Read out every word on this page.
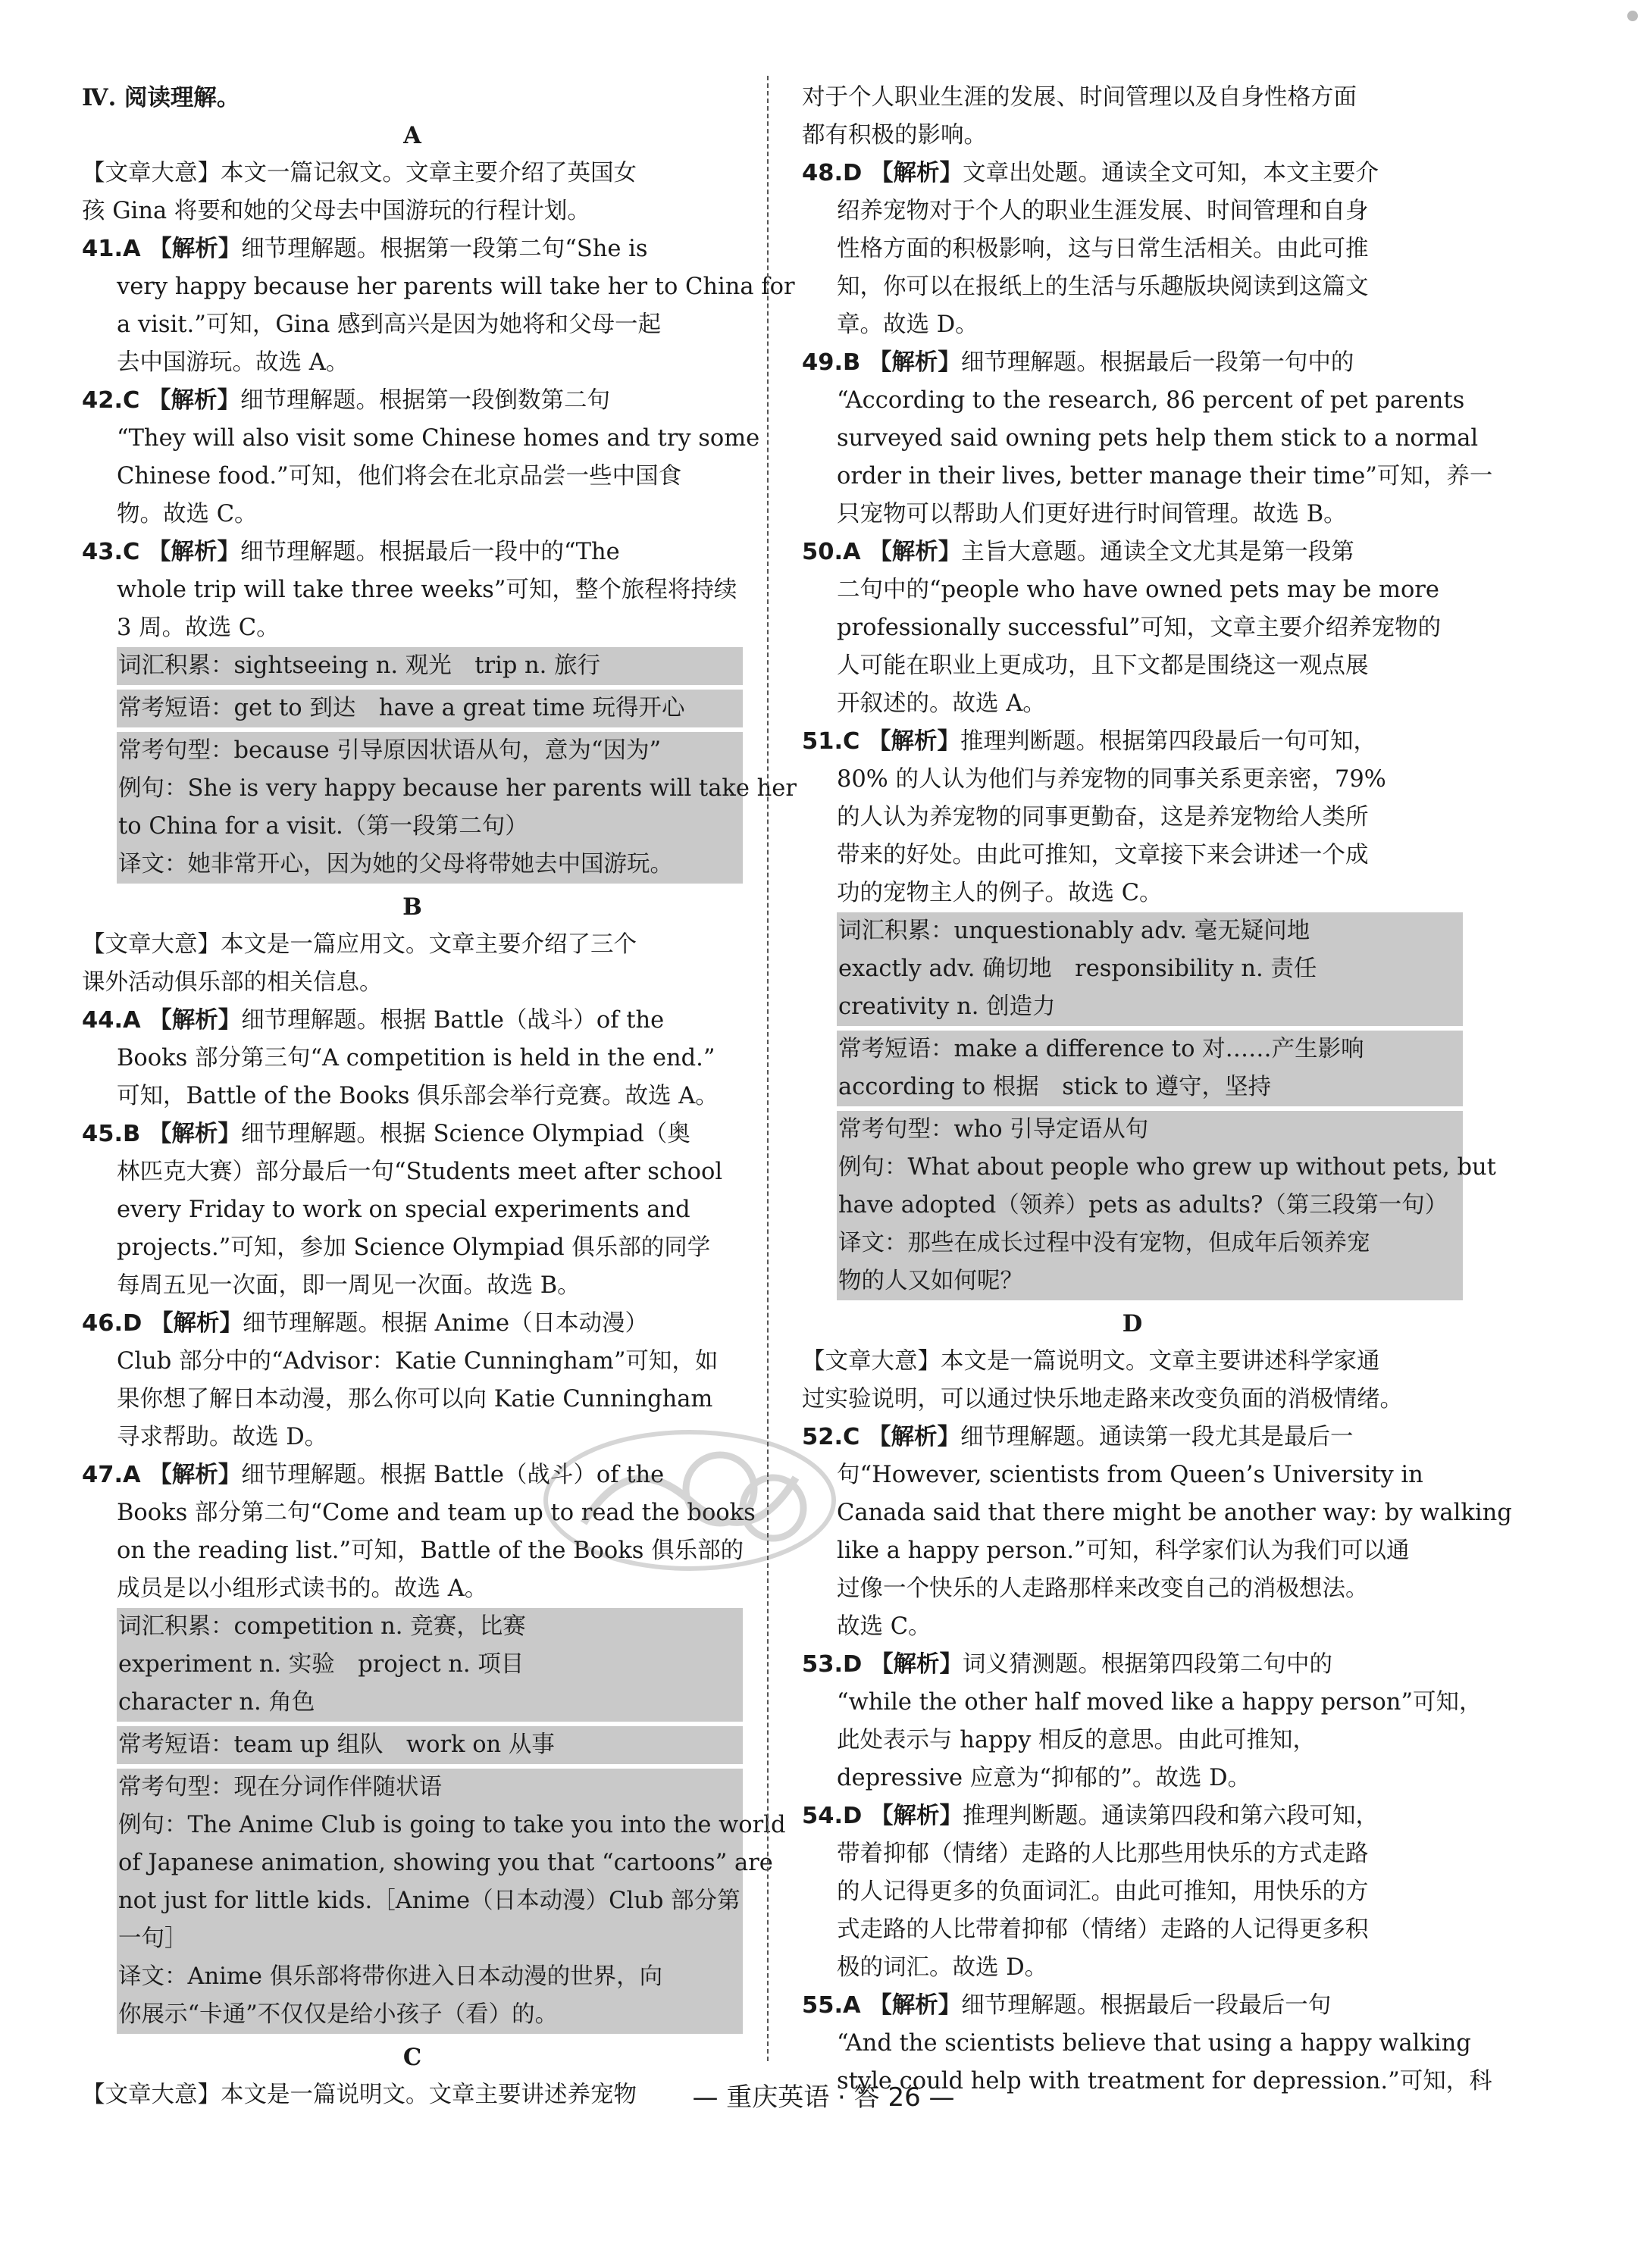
Ⅳ. 阅读理解。
A
【文章大意】本文一篇记叙文。文章主要介绍了英国女
孩 Gina 将要和她的父母去中国游玩的行程计划。
41.A 【解析】细节理解题。根据第一段第二句“She is
very happy because her parents will take her to China for
a visit.”可知，Gina 感到高兴是因为她将和父母一起
去中国游玩。故选 A。
42.C 【解析】细节理解题。根据第一段倒数第二句
“They will also visit some Chinese homes and try some
Chinese food.”可知，他们将会在北京品尝一些中国食
物。故选 C。
43.C 【解析】细节理解题。根据最后一段中的“The
whole trip will take three weeks”可知，整个旅程将持续
3 周。故选 C。
词汇积累：sightseeing n. 观光　trip n. 旅行
常考短语：get to 到达　have a great time 玩得开心
常考句型：because 引导原因状语从句，意为“因为”
例句：She is very happy because her parents will take her
to China for a visit.（第一段第二句）
译文：她非常开心，因为她的父母将带她去中国游玩。
B
【文章大意】本文是一篇应用文。文章主要介绍了三个
课外活动俱乐部的相关信息。
44.A 【解析】细节理解题。根据 Battle（战斗）of the
Books 部分第三句“A competition is held in the end.”
可知，Battle of the Books 俱乐部会举行竞赛。故选 A。
45.B 【解析】细节理解题。根据 Science Olympiad（奥
林匹克大赛）部分最后一句“Students meet after school
every Friday to work on special experiments and
projects.”可知，参加 Science Olympiad 俱乐部的同学
每周五见一次面，即一周见一次面。故选 B。
46.D 【解析】细节理解题。根据 Anime（日本动漫）
Club 部分中的“Advisor：Katie Cunningham”可知，如
果你想了解日本动漫，那么你可以向 Katie Cunningham
寻求帮助。故选 D。
47.A 【解析】细节理解题。根据 Battle（战斗）of the
Books 部分第二句“Come and team up to read the books
on the reading list.”可知，Battle of the Books 俱乐部的
成员是以小组形式读书的。故选 A。
词汇积累：competition n. 竞赛，比赛
experiment n. 实验　project n. 项目
character n. 角色
常考短语：team up 组队　work on 从事
常考句型：现在分词作伴随状语
例句：The Anime Club is going to take you into the world
of Japanese animation, showing you that “cartoons” are
not just for little kids.［Anime（日本动漫）Club 部分第
一句］
译文：Anime 俱乐部将带你进入日本动漫的世界，向
你展示“卡通”不仅仅是给小孩子（看）的。
C
【文章大意】本文是一篇说明文。文章主要讲述养宠物
对于个人职业生涯的发展、时间管理以及自身性格方面
都有积极的影响。
48.D 【解析】文章出处题。通读全文可知，本文主要介
绍养宠物对于个人的职业生涯发展、时间管理和自身
性格方面的积极影响，这与日常生活相关。由此可推
知，你可以在报纸上的生活与乐趣版块阅读到这篇文
章。故选 D。
49.B 【解析】细节理解题。根据最后一段第一句中的
“According to the research, 86 percent of pet parents
surveyed said owning pets help them stick to a normal
order in their lives, better manage their time”可知，养一
只宠物可以帮助人们更好进行时间管理。故选 B。
50.A 【解析】主旨大意题。通读全文尤其是第一段第
二句中的“people who have owned pets may be more
professionally successful”可知，文章主要介绍养宠物的
人可能在职业上更成功，且下文都是围绕这一观点展
开叙述的。故选 A。
51.C 【解析】推理判断题。根据第四段最后一句可知，
80% 的人认为他们与养宠物的同事关系更亲密，79%
的人认为养宠物的同事更勤奋，这是养宠物给人类所
带来的好处。由此可推知，文章接下来会讲述一个成
功的宠物主人的例子。故选 C。
词汇积累：unquestionably adv. 毫无疑问地
exactly adv. 确切地　responsibility n. 责任
creativity n. 创造力
常考短语：make a difference to 对……产生影响
according to 根据　stick to 遵守，坚持
常考句型：who 引导定语从句
例句：What about people who grew up without pets, but
have adopted（领养）pets as adults?（第三段第一句）
译文：那些在成长过程中没有宠物，但成年后领养宠
物的人又如何呢？
D
【文章大意】本文是一篇说明文。文章主要讲述科学家通
过实验说明，可以通过快乐地走路来改变负面的消极情绪。
52.C 【解析】细节理解题。通读第一段尤其是最后一
句“However, scientists from Queen’s University in
Canada said that there might be another way: by walking
like a happy person.”可知，科学家们认为我们可以通
过像一个快乐的人走路那样来改变自己的消极想法。
故选 C。
53.D 【解析】词义猜测题。根据第四段第二句中的
“while the other half moved like a happy person”可知，
此处表示与 happy 相反的意思。由此可推知，
depressive 应意为“抑郁的”。故选 D。
54.D 【解析】推理判断题。通读第四段和第六段可知，
带着抑郁（情绪）走路的人比那些用快乐的方式走路
的人记得更多的负面词汇。由此可推知，用快乐的方
式走路的人比带着抑郁（情绪）走路的人记得更多积
极的词汇。故选 D。
55.A 【解析】细节理解题。根据最后一段最后一句
“And the scientists believe that using a happy walking
style could help with treatment for depression.”可知，科
— 重庆英语 · 答 26 —
